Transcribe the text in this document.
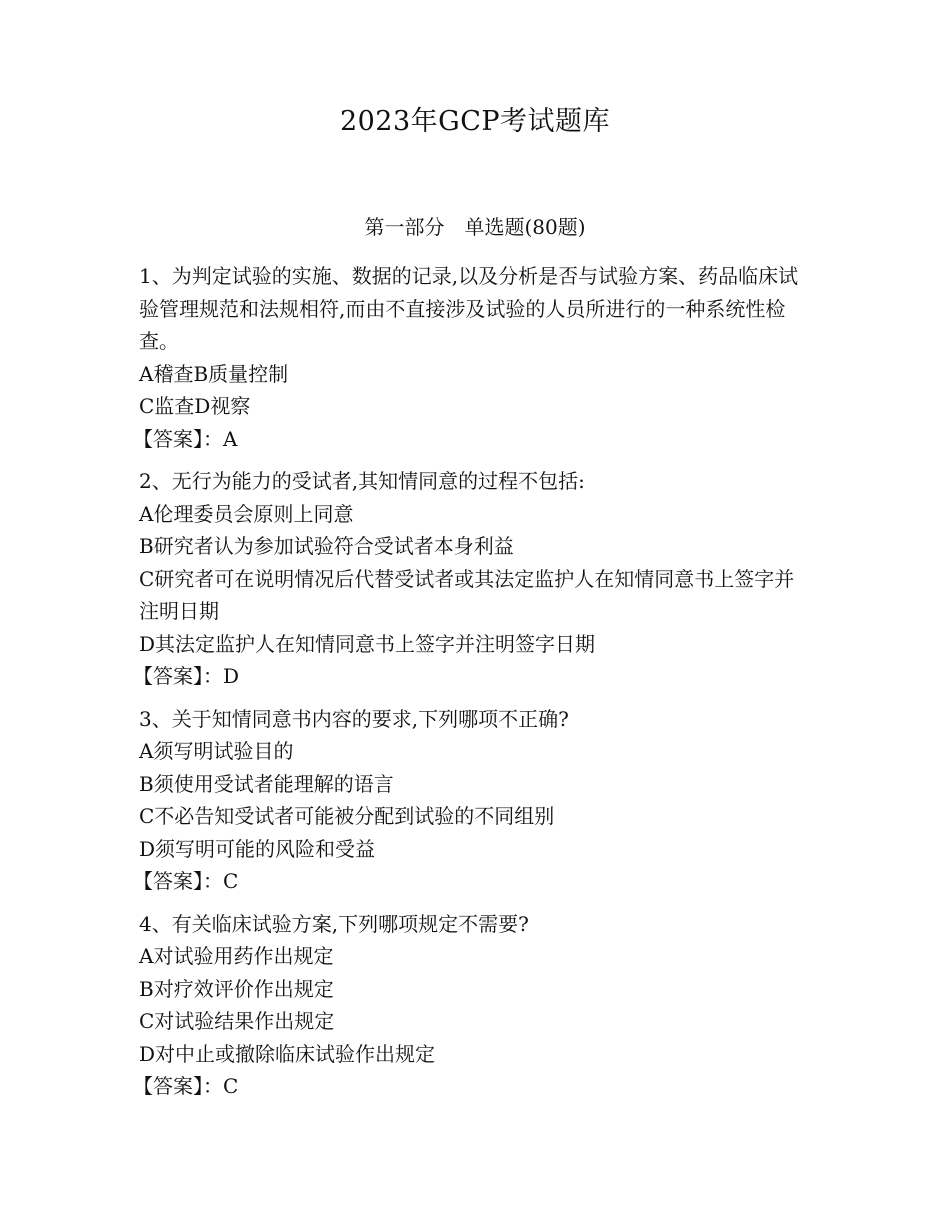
2023年GCP考试题库
第一部分　单选题(80题)
1、为判定试验的实施、数据的记录,以及分析是否与试验方案、药品临床试验管理规范和法规相符,而由不直接涉及试验的人员所进行的一种系统性检查。
A稽查B质量控制
C监查D视察
【答案】：A
2、无行为能力的受试者,其知情同意的过程不包括:
A伦理委员会原则上同意
B研究者认为参加试验符合受试者本身利益
C研究者可在说明情况后代替受试者或其法定监护人在知情同意书上签字并注明日期
D其法定监护人在知情同意书上签字并注明签字日期
【答案】：D
3、关于知情同意书内容的要求,下列哪项不正确?
A须写明试验目的
B须使用受试者能理解的语言
C不必告知受试者可能被分配到试验的不同组别
D须写明可能的风险和受益
【答案】：C
4、有关临床试验方案,下列哪项规定不需要?
A对试验用药作出规定
B对疗效评价作出规定
C对试验结果作出规定
D对中止或撤除临床试验作出规定
【答案】：C
